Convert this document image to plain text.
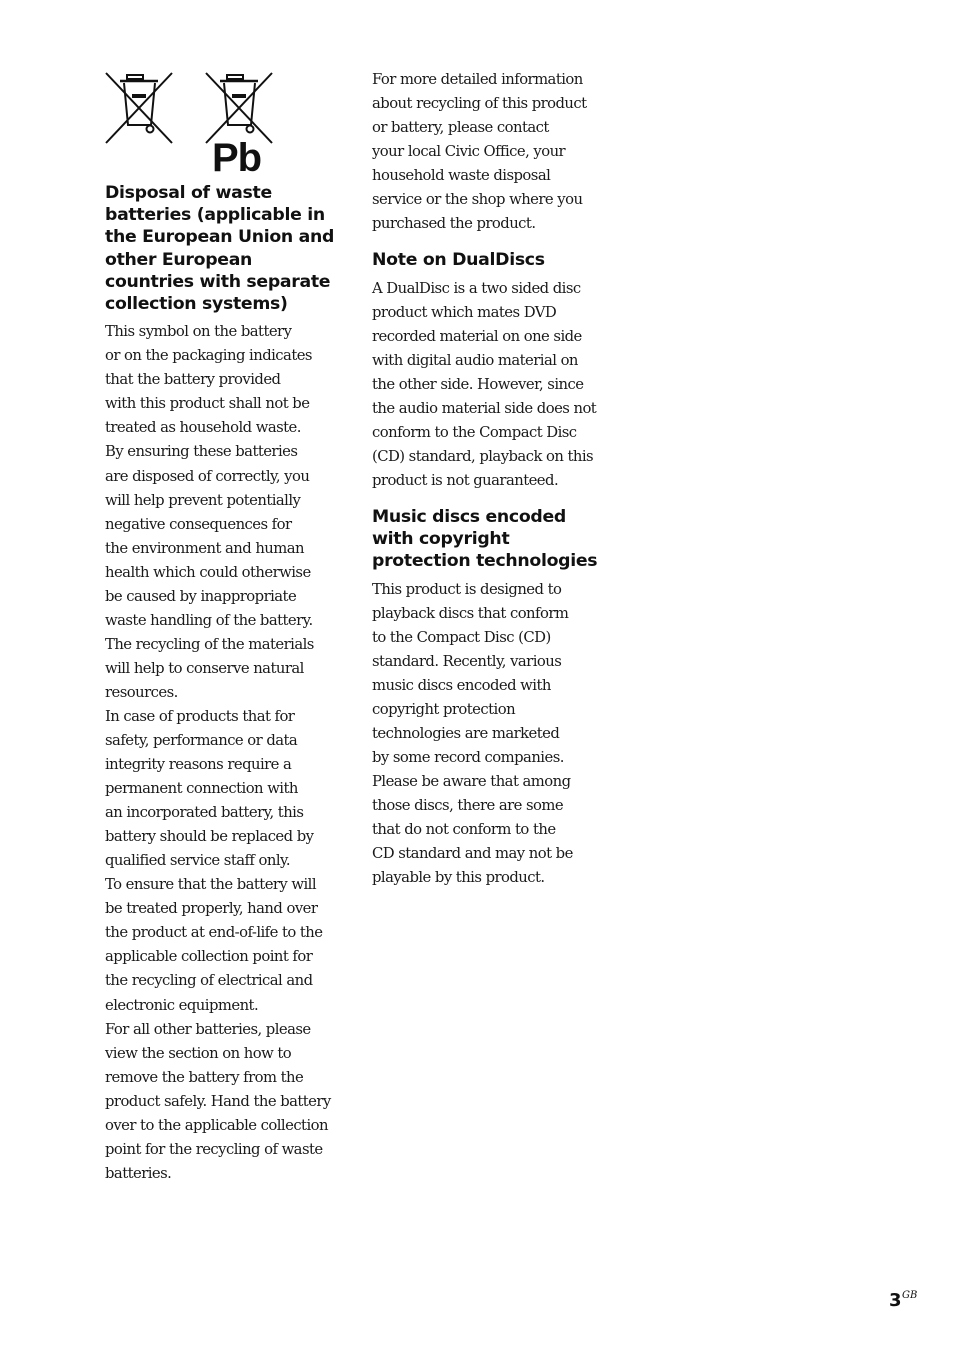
Pb
Disposal of waste batteries (applicable in the European Union and other European countries with separate collection systems)

This symbol on the battery
or on the packaging indicates
that the battery provided
with this product shall not be
treated as household waste.

By ensuring these batteries
are disposed of correctly, you
will help prevent potentially
negative consequences for
the environment and human
health which could otherwise
be caused by inappropriate
waste handling of the battery.
The recycling of the materials
will help to conserve natural
resources.

In case of products that for
safety, performance or data
integrity reasons require a
permanent connection with
an incorporated battery, this
battery should be replaced by
qualified service staff only.

To ensure that the battery will
be treated properly, hand over
the product at end-of-life to the
applicable collection point for
the recycling of electrical and
electronic equipment.

For all other batteries, please
view the section on how to
remove the battery from the
product safely. Hand the battery
over to the applicable collection
point for the recycling of waste
batteries.

For more detailed information
about recycling of this product
or battery, please contact
your local Civic Office, your
household waste disposal
service or the shop where you
purchased the product.

Note on DualDiscs

A DualDisc is a two sided disc
product which mates DVD
recorded material on one side
with digital audio material on
the other side. However, since
the audio material side does not
conform to the Compact Disc
(CD) standard, playback on this
product is not guaranteed.

Music discs encoded with copyright protection technologies

This product is designed to
playback discs that conform
to the Compact Disc (CD)
standard. Recently, various
music discs encoded with
copyright protection
technologies are marketed
by some record companies.
Please be aware that among
those discs, there are some
that do not conform to the
CD standard and may not be
playable by this product.

3 GB
